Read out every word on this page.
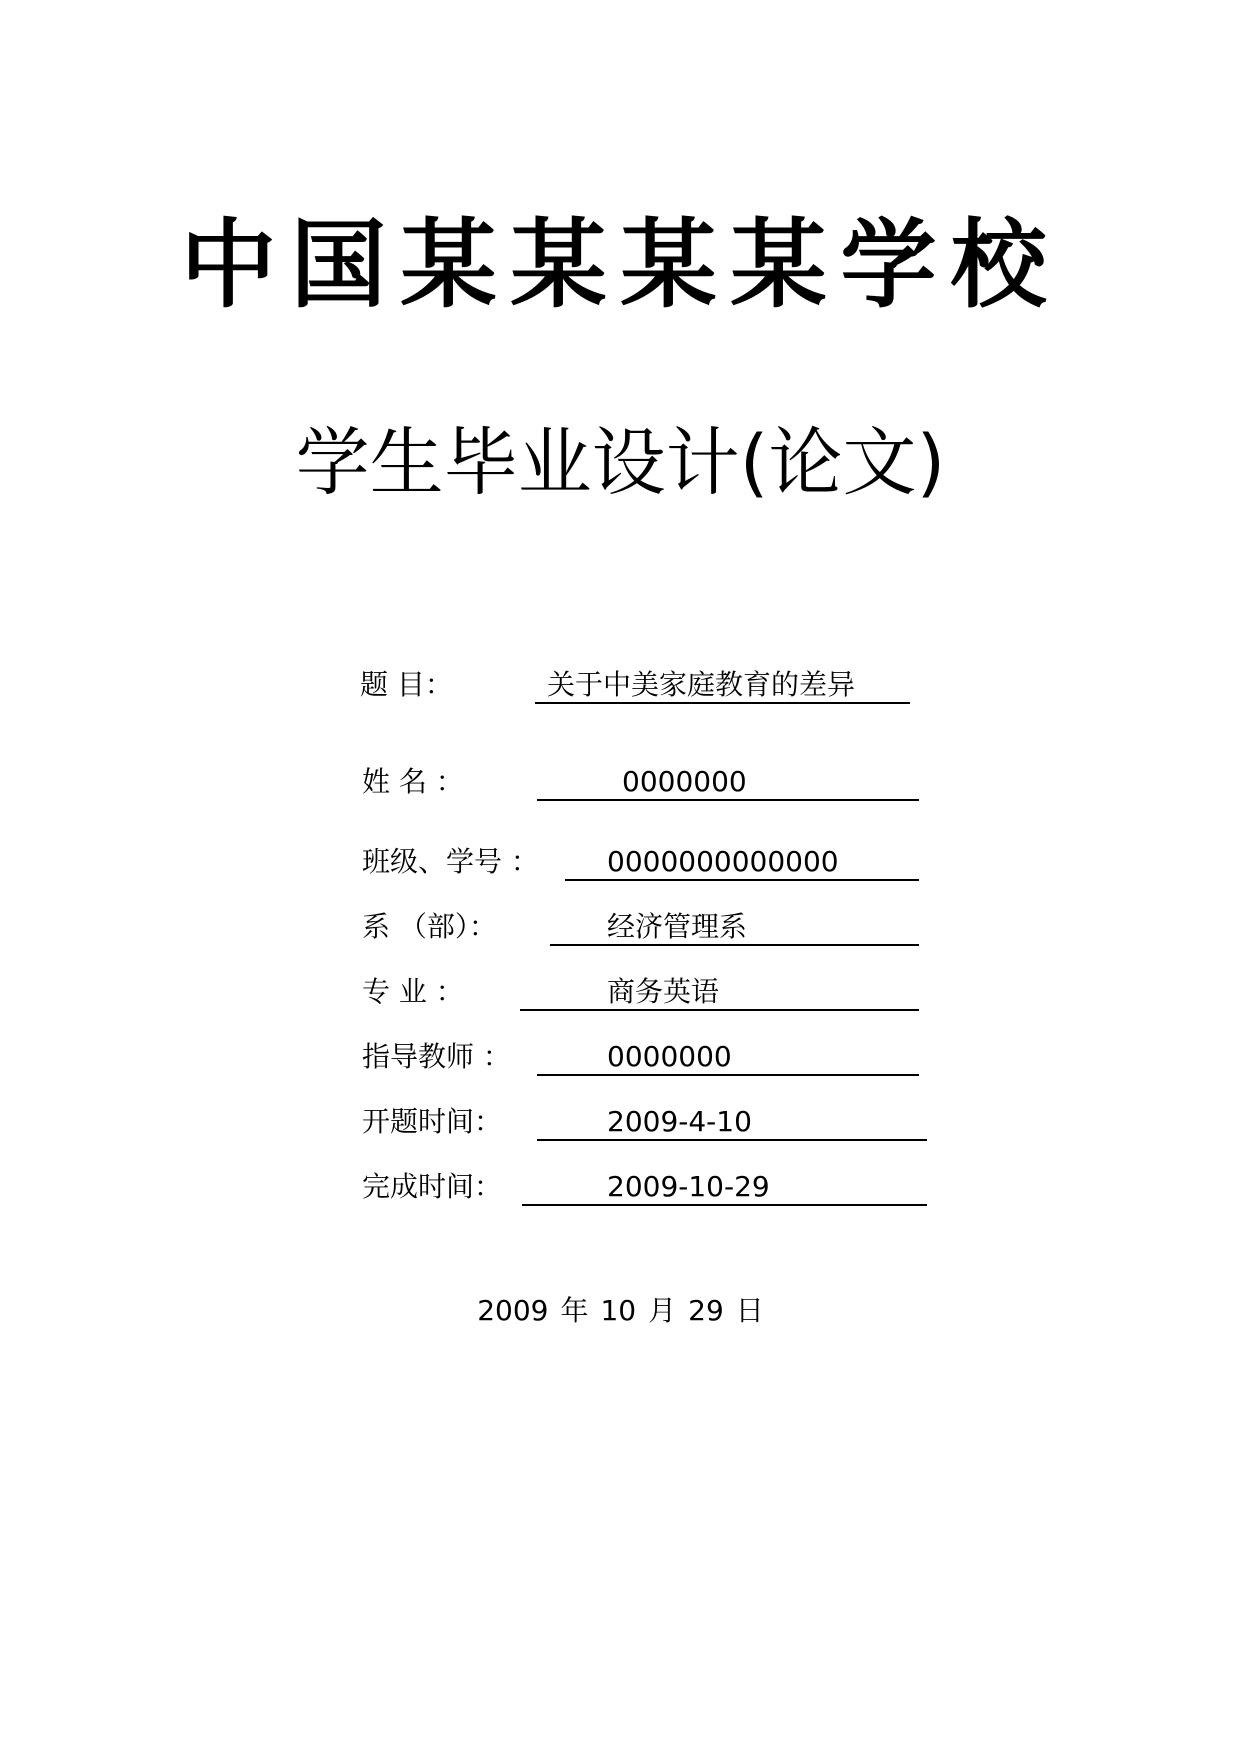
中国某某某某学校
学生毕业设计(论文)
题 目：	关于中美家庭教育的差异
姓 名 ：	0000000
班级、学号 ：	0000000000000
系 （部）：	经济管理系
专 业 ：	商务英语
指导教师 ：	0000000
开题时间：	2009-4-10
完成时间：	2009-10-29
2009 年 10 月 29 日
